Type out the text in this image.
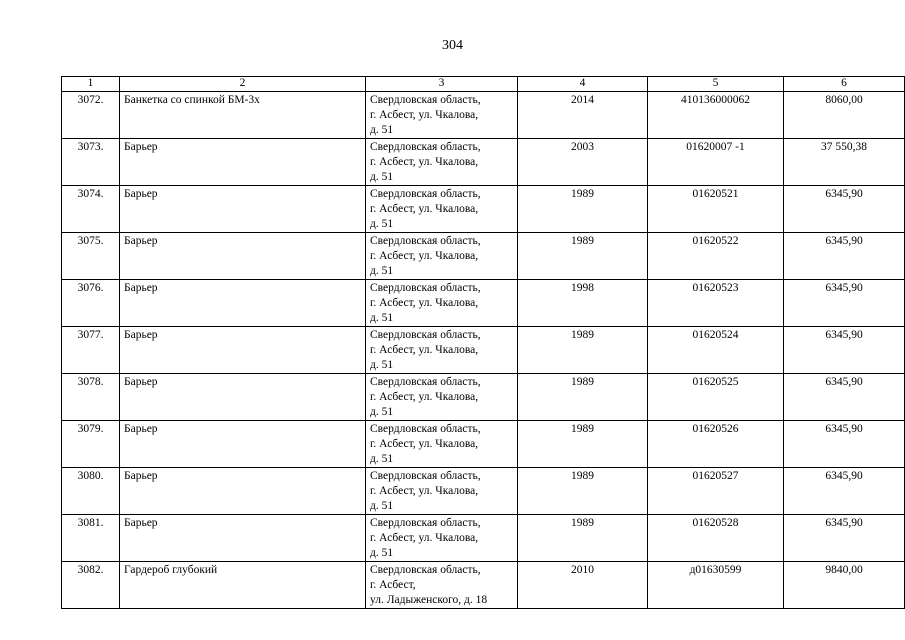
304
1	2	3	4	5	6
3072.	Банкетка со спинкой БМ-3х	Свердловская область,
г. Асбест, ул. Чкалова,
д. 51	2014	410136000062	8060,00
3073.	Барьер	Свердловская область,
г. Асбест, ул. Чкалова,
д. 51	2003	01620007 -1	37 550,38
3074.	Барьер	Свердловская область,
г. Асбест, ул. Чкалова,
д. 51	1989	01620521	6345,90
3075.	Барьер	Свердловская область,
г. Асбест, ул. Чкалова,
д. 51	1989	01620522	6345,90
3076.	Барьер	Свердловская область,
г. Асбест, ул. Чкалова,
д. 51	1998	01620523	6345,90
3077.	Барьер	Свердловская область,
г. Асбест, ул. Чкалова,
д. 51	1989	01620524	6345,90
3078.	Барьер	Свердловская область,
г. Асбест, ул. Чкалова,
д. 51	1989	01620525	6345,90
3079.	Барьер	Свердловская область,
г. Асбест, ул. Чкалова,
д. 51	1989	01620526	6345,90
3080.	Барьер	Свердловская область,
г. Асбест, ул. Чкалова,
д. 51	1989	01620527	6345,90
3081.	Барьер	Свердловская область,
г. Асбест, ул. Чкалова,
д. 51	1989	01620528	6345,90
3082.	Гардероб глубокий	Свердловская область,
г. Асбест,
ул. Ладыженского, д. 18	2010	д01630599	9840,00
